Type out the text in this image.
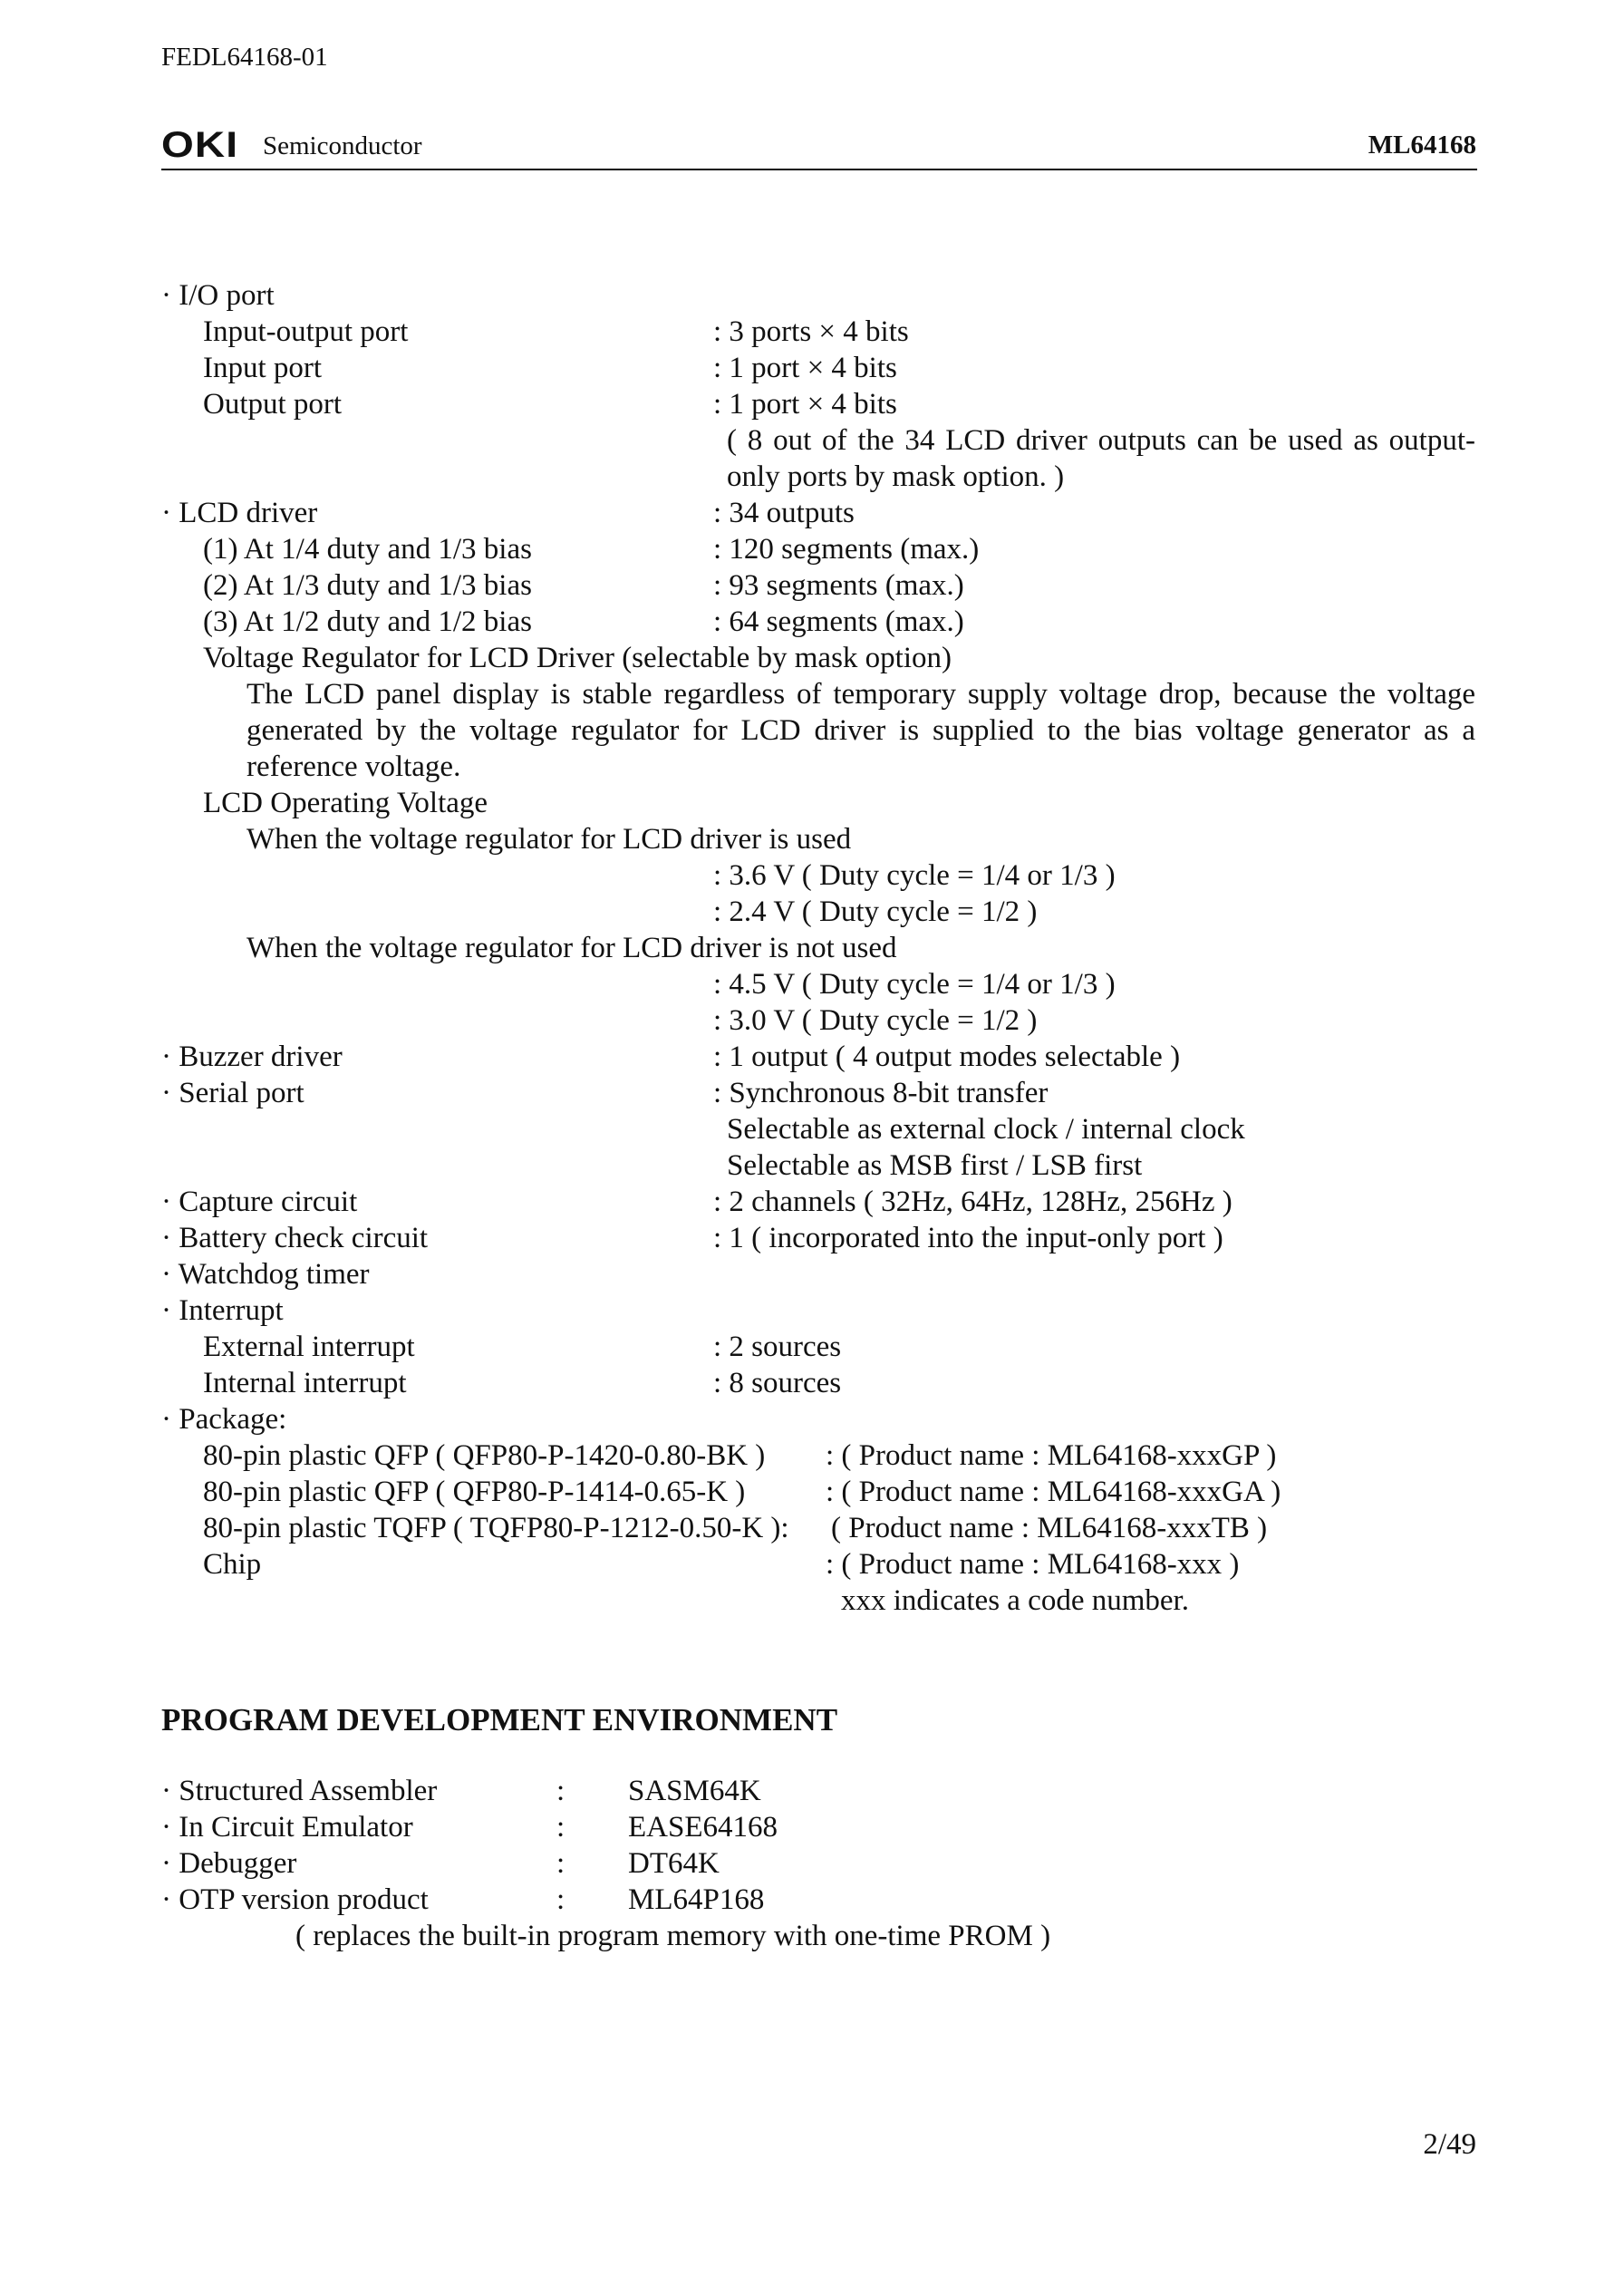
FEDL64168-01
OKI Semiconductor	ML64168
· I/O port
Input-output port	: 3 ports × 4 bits
Input port	: 1 port × 4 bits
Output port	: 1 port × 4 bits
( 8 out of the 34 LCD driver outputs can be used as output-only ports by mask option. )
· LCD driver	: 34 outputs
(1) At 1/4 duty and 1/3 bias	: 120 segments (max.)
(2) At 1/3 duty and 1/3 bias	: 93 segments (max.)
(3) At 1/2 duty and 1/2 bias	: 64 segments (max.)
Voltage Regulator for LCD Driver (selectable by mask option)
The LCD panel display is stable regardless of temporary supply voltage drop, because the voltage generated by the voltage regulator for LCD driver is supplied to the bias voltage generator as a reference voltage.
LCD Operating Voltage
When the voltage regulator for LCD driver is used
: 3.6 V ( Duty cycle = 1/4 or 1/3 )
: 2.4 V ( Duty cycle = 1/2 )
When the voltage regulator for LCD driver is not used
: 4.5 V ( Duty cycle = 1/4 or 1/3 )
: 3.0 V ( Duty cycle = 1/2 )
· Buzzer driver	: 1 output ( 4 output modes selectable )
· Serial port	: Synchronous 8-bit transfer
Selectable as external clock / internal clock
Selectable as MSB first / LSB first
· Capture circuit	: 2 channels ( 32Hz, 64Hz, 128Hz, 256Hz )
· Battery check circuit	: 1 ( incorporated into the input-only port )
· Watchdog timer
· Interrupt
External interrupt	: 2 sources
Internal interrupt	: 8 sources
· Package:
80-pin plastic QFP ( QFP80-P-1420-0.80-BK ) : ( Product name : ML64168-xxxGP )
80-pin plastic QFP ( QFP80-P-1414-0.65-K )	: ( Product name : ML64168-xxxGA )
80-pin plastic TQFP ( TQFP80-P-1212-0.50-K ): ( Product name : ML64168-xxxTB )
Chip	: ( Product name : ML64168-xxx )
xxx indicates a code number.
PROGRAM DEVELOPMENT ENVIRONMENT
· Structured Assembler	: SASM64K
· In Circuit Emulator	: EASE64168
· Debugger	: DT64K
· OTP version product	: ML64P168
( replaces the built-in program memory with one-time PROM )
2/49
